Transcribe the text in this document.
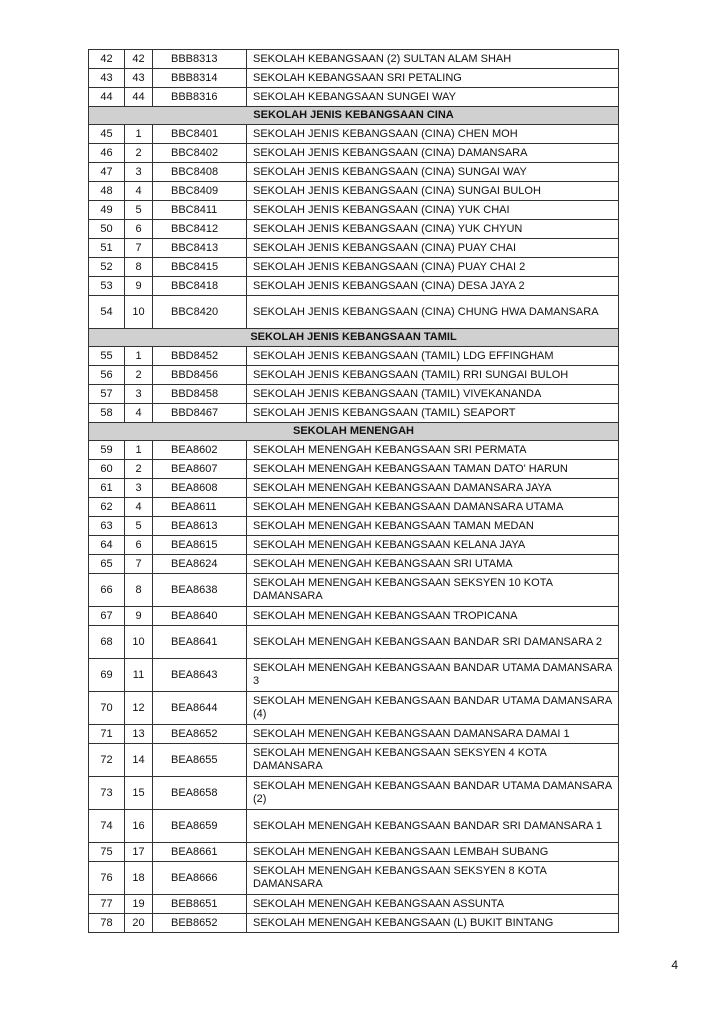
42	42	BBB8313	SEKOLAH KEBANGSAAN (2) SULTAN ALAM SHAH
43	43	BBB8314	SEKOLAH KEBANGSAAN SRI PETALING
44	44	BBB8316	SEKOLAH KEBANGSAAN SUNGEI WAY
SEKOLAH JENIS KEBANGSAAN CINA			
45	1	BBC8401	SEKOLAH JENIS KEBANGSAAN (CINA) CHEN MOH
46	2	BBC8402	SEKOLAH JENIS KEBANGSAAN (CINA) DAMANSARA
47	3	BBC8408	SEKOLAH JENIS KEBANGSAAN (CINA) SUNGAI WAY
48	4	BBC8409	SEKOLAH JENIS KEBANGSAAN (CINA) SUNGAI BULOH
49	5	BBC8411	SEKOLAH JENIS KEBANGSAAN (CINA) YUK CHAI
50	6	BBC8412	SEKOLAH JENIS KEBANGSAAN (CINA) YUK CHYUN
51	7	BBC8413	SEKOLAH JENIS KEBANGSAAN (CINA) PUAY CHAI
52	8	BBC8415	SEKOLAH JENIS KEBANGSAAN (CINA) PUAY CHAI 2
53	9	BBC8418	SEKOLAH JENIS KEBANGSAAN (CINA) DESA JAYA 2
54	10	BBC8420	SEKOLAH JENIS KEBANGSAAN (CINA) CHUNG HWA DAMANSARA
SEKOLAH JENIS KEBANGSAAN TAMIL			
55	1	BBD8452	SEKOLAH JENIS KEBANGSAAN (TAMIL) LDG EFFINGHAM
56	2	BBD8456	SEKOLAH JENIS KEBANGSAAN (TAMIL) RRI SUNGAI BULOH
57	3	BBD8458	SEKOLAH JENIS KEBANGSAAN (TAMIL) VIVEKANANDA
58	4	BBD8467	SEKOLAH JENIS KEBANGSAAN (TAMIL) SEAPORT
SEKOLAH MENENGAH			
59	1	BEA8602	SEKOLAH MENENGAH KEBANGSAAN SRI PERMATA
60	2	BEA8607	SEKOLAH MENENGAH KEBANGSAAN TAMAN DATO' HARUN
61	3	BEA8608	SEKOLAH MENENGAH KEBANGSAAN DAMANSARA JAYA
62	4	BEA8611	SEKOLAH MENENGAH KEBANGSAAN DAMANSARA UTAMA
63	5	BEA8613	SEKOLAH MENENGAH KEBANGSAAN TAMAN MEDAN
64	6	BEA8615	SEKOLAH MENENGAH KEBANGSAAN KELANA JAYA
65	7	BEA8624	SEKOLAH MENENGAH KEBANGSAAN SRI UTAMA
66	8	BEA8638	SEKOLAH MENENGAH KEBANGSAAN SEKSYEN 10 KOTA DAMANSARA
67	9	BEA8640	SEKOLAH MENENGAH KEBANGSAAN TROPICANA
68	10	BEA8641	SEKOLAH MENENGAH KEBANGSAAN BANDAR SRI DAMANSARA 2
69	11	BEA8643	SEKOLAH MENENGAH KEBANGSAAN BANDAR UTAMA DAMANSARA 3
70	12	BEA8644	SEKOLAH MENENGAH KEBANGSAAN BANDAR UTAMA DAMANSARA (4)
71	13	BEA8652	SEKOLAH MENENGAH KEBANGSAAN DAMANSARA DAMAI 1
72	14	BEA8655	SEKOLAH MENENGAH KEBANGSAAN SEKSYEN 4 KOTA DAMANSARA
73	15	BEA8658	SEKOLAH MENENGAH KEBANGSAAN BANDAR UTAMA DAMANSARA (2)
74	16	BEA8659	SEKOLAH MENENGAH KEBANGSAAN BANDAR SRI DAMANSARA 1
75	17	BEA8661	SEKOLAH MENENGAH KEBANGSAAN LEMBAH SUBANG
76	18	BEA8666	SEKOLAH MENENGAH KEBANGSAAN SEKSYEN 8 KOTA DAMANSARA
77	19	BEB8651	SEKOLAH MENENGAH KEBANGSAAN ASSUNTA
78	20	BEB8652	SEKOLAH MENENGAH KEBANGSAAN (L) BUKIT BINTANG
4
